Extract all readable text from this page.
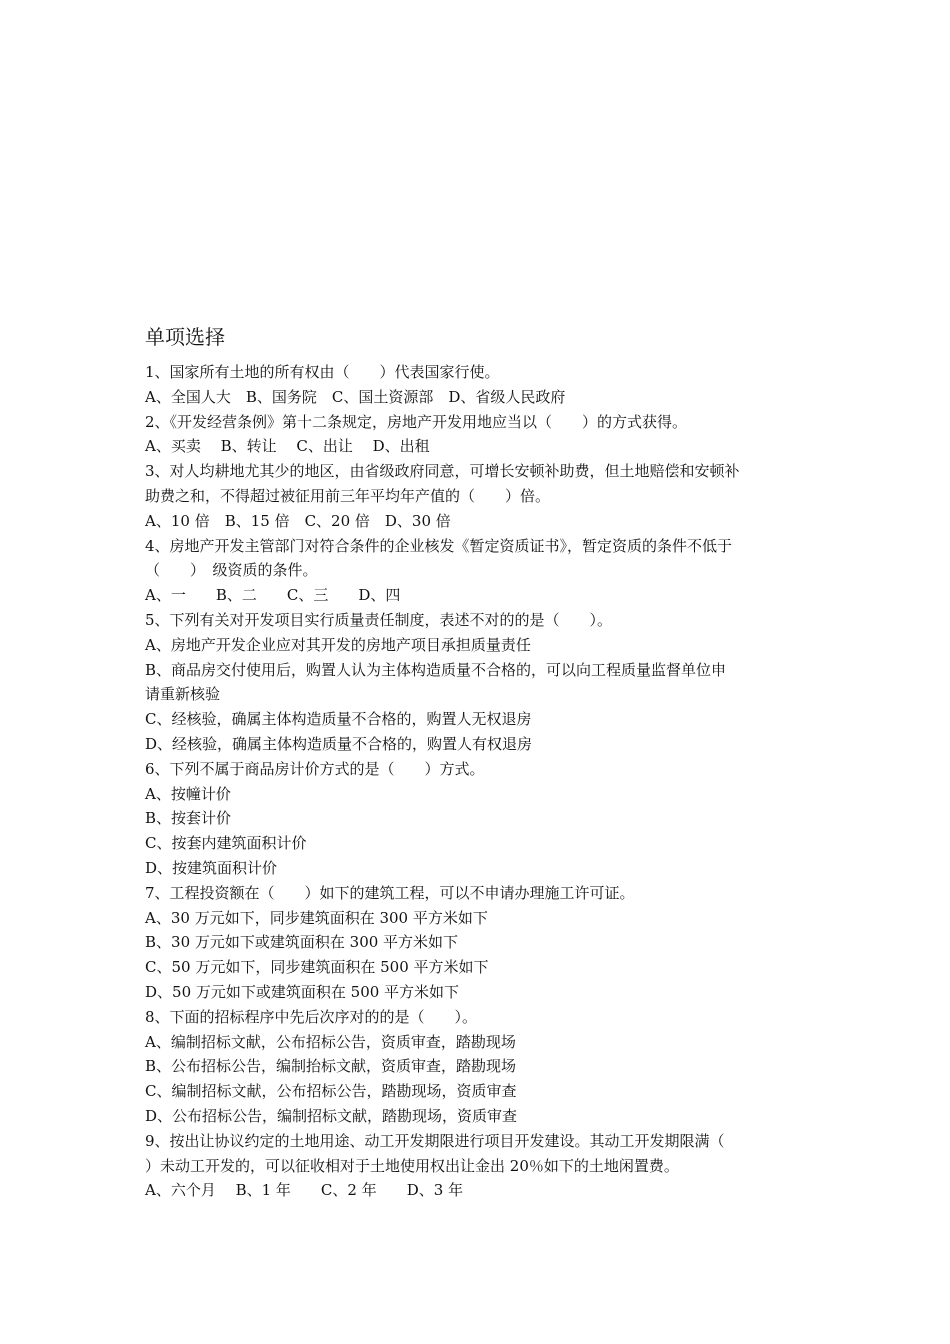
单项选择
1、国家所有土地的所有权由（　　）代表国家行使。
A、全国人大　B、国务院　C、国土资源部　D、省级人民政府
2、《开发经营条例》第十二条规定，房地产开发用地应当以（　　）的方式获得。
A、买卖　 B、转让　 C、出让　 D、出租
3、对人均耕地尤其少的地区，由省级政府同意，可增长安顿补助费，但土地赔偿和安顿补
助费之和，不得超过被征用前三年平均年产值的（　　）倍。
A、10 倍　B、15 倍　C、20 倍　D、30 倍
4、房地产开发主管部门对符合条件的企业核发《暂定资质证书》，暂定资质的条件不低于
（　　）　级资质的条件。
A、一　　B、二　　C、三　　D、四
5、下列有关对开发项目实行质量责任制度，表述不对的的是（　　）。
A、房地产开发企业应对其开发的房地产项目承担质量责任
B、商品房交付使用后，购置人认为主体构造质量不合格的，可以向工程质量监督单位申
请重新核验
C、经核验，确属主体构造质量不合格的，购置人无权退房
D、经核验，确属主体构造质量不合格的，购置人有权退房
6、下列不属于商品房计价方式的是（　　）方式。
A、按幢计价
B、按套计价
C、按套内建筑面积计价
D、按建筑面积计价
7、工程投资额在（　　）如下的建筑工程，可以不申请办理施工许可证。
A、30 万元如下，同步建筑面积在 300 平方米如下
B、30 万元如下或建筑面积在 300 平方米如下
C、50 万元如下，同步建筑面积在 500 平方米如下
D、50 万元如下或建筑面积在 500 平方米如下
8、下面的招标程序中先后次序对的的是（　　）。
A、编制招标文献，公布招标公告，资质审查，踏勘现场
B、公布招标公告，编制抬标文献，资质审查，踏勘现场
C、编制招标文献，公布招标公告，踏勘现场，资质审查
D、公布招标公告，编制招标文献，踏勘现场，资质审查
9、按出让协议约定的土地用途、动工开发期限进行项目开发建设。其动工开发期限满（
）未动工开发的，可以征收相对于土地使用权出让金出 20％如下的土地闲置费。
A、六个月　 B、1 年　　C、2 年　　D、3 年
